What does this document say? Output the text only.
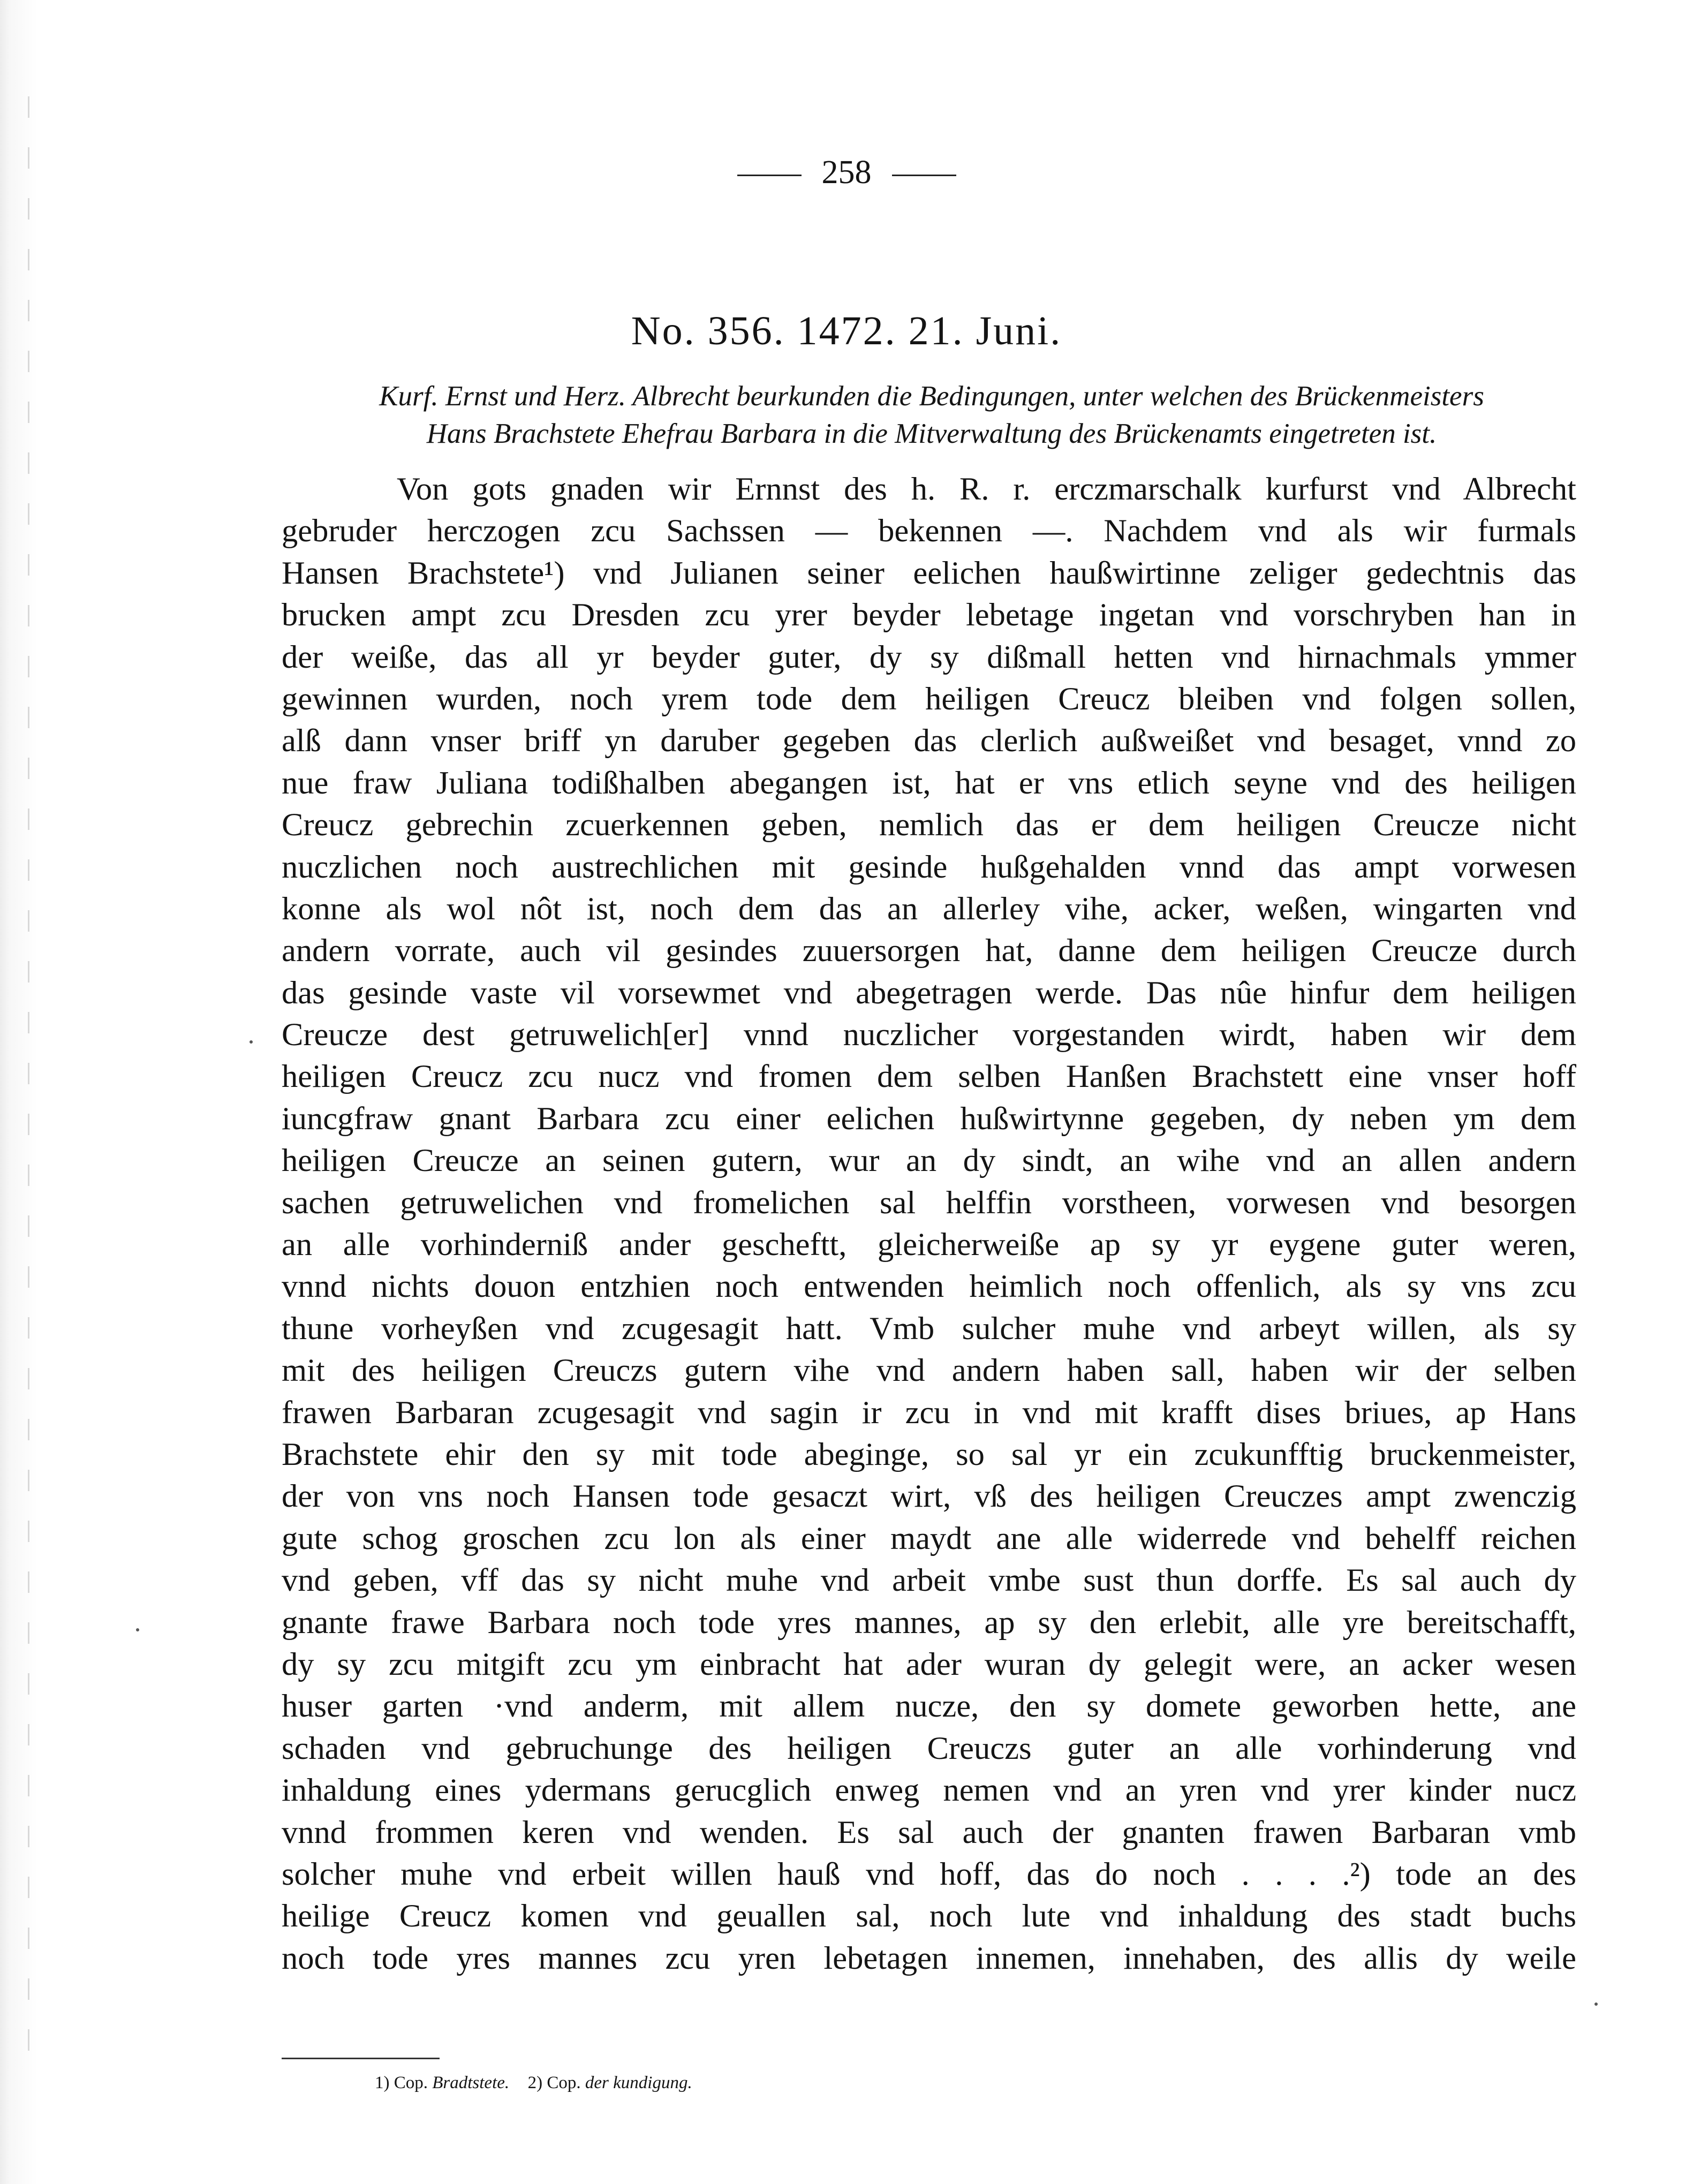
258
No. 356. 1472. 21. Juni.
Kurf. Ernst und Herz. Albrecht beurkunden die Bedingungen, unter welchen des Brückenmeisters
Hans Brachstete Ehefrau Barbara in die Mitverwaltung des Brückenamts eingetreten ist.
Von gots gnaden wir Ernnst des h. R. r. erczmarschalk kurfurst vnd Albrecht
gebruder herczogen zcu Sachssen — bekennen —. Nachdem vnd als wir furmals
Hansen Brachstete¹) vnd Julianen seiner eelichen haußwirtinne zeliger gedechtnis das
brucken ampt zcu Dresden zcu yrer beyder lebetage ingetan vnd vorschryben han in
der weiße, das all yr beyder guter, dy sy dißmall hetten vnd hirnachmals ymmer
gewinnen wurden, noch yrem tode dem heiligen Creucz bleiben vnd folgen sollen,
alß dann vnser briff yn daruber gegeben das clerlich außweißet vnd besaget, vnnd zo
nue fraw Juliana todißhalben abegangen ist, hat er vns etlich seyne vnd des heiligen
Creucz gebrechin zcuerkennen geben, nemlich das er dem heiligen Creucze nicht
nuczlichen noch austrechlichen mit gesinde hußgehalden vnnd das ampt vorwesen
konne als wol nôt ist, noch dem das an allerley vihe, acker, weßen, wingarten vnd
andern vorrate, auch vil gesindes zuuersorgen hat, danne dem heiligen Creucze durch
das gesinde vaste vil vorsewmet vnd abegetragen werde. Das nûe hinfur dem heiligen
Creucze dest getruwelich[er] vnnd nuczlicher vorgestanden wirdt, haben wir dem
heiligen Creucz zcu nucz vnd fromen dem selben Hanßen Brachstett eine vnser hoff
iuncgfraw gnant Barbara zcu einer eelichen hußwirtynne gegeben, dy neben ym dem
heiligen Creucze an seinen gutern, wur an dy sindt, an wihe vnd an allen andern
sachen getruwelichen vnd fromelichen sal helffin vorstheen, vorwesen vnd besorgen
an alle vorhinderniß ander gescheftt, gleicherweiße ap sy yr eygene guter weren,
vnnd nichts douon entzhien noch entwenden heimlich noch offenlich, als sy vns zcu
thune vorheyßen vnd zcugesagit hatt. Vmb sulcher muhe vnd arbeyt willen, als sy
mit des heiligen Creuczs gutern vihe vnd andern haben sall, haben wir der selben
frawen Barbaran zcugesagit vnd sagin ir zcu in vnd mit krafft dises briues, ap Hans
Brachstete ehir den sy mit tode abeginge, so sal yr ein zcukunfftig bruckenmeister,
der von vns noch Hansen tode gesaczt wirt, vß des heiligen Creuczes ampt zwenczig
gute schog groschen zcu lon als einer maydt ane alle widerrede vnd behelff reichen
vnd geben, vff das sy nicht muhe vnd arbeit vmbe sust thun dorffe. Es sal auch dy
gnante frawe Barbara noch tode yres mannes, ap sy den erlebit, alle yre bereitschafft,
dy sy zcu mitgift zcu ym einbracht hat ader wuran dy gelegit were, an acker wesen
huser garten ·vnd anderm, mit allem nucze, den sy domete geworben hette, ane
schaden vnd gebruchunge des heiligen Creuczs guter an alle vorhinderung vnd
inhaldung eines ydermans gerucglich enweg nemen vnd an yren vnd yrer kinder nucz
vnnd frommen keren vnd wenden. Es sal auch der gnanten frawen Barbaran vmb
solcher muhe vnd erbeit willen hauß vnd hoff, das do noch . . . .²) tode an des
heilige Creucz komen vnd geuallen sal, noch lute vnd inhaldung des stadt buchs
noch tode yres mannes zcu yren lebetagen innemen, innehaben, des allis dy weile
1) Cop. Bradtstete. 2) Cop. der kundigung.
